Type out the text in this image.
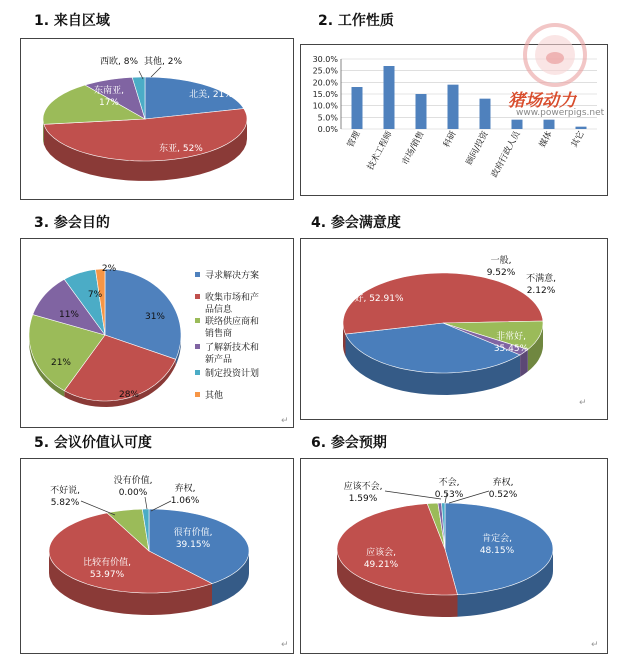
1. 来自区域	2. 工作性质
3. 参会目的	4. 参会满意度
5. 会议价值认可度	6. 参会预期
北美, 21%
东亚, 52%
东南亚,
17%
西欧, 8% 其他, 2%
0.0%
5.0%
10.0%
15.0%
20.0%
25.0%
30.0%
管理 技术工程师 市场/销售 科研 顾问/投资 政府行政人员 媒体 其它
31%
28%
21%
11%
7%
2%
寻求解决方案
收集市场和产
品信息
联络供应商和
销售商
了解新技术和
新产品
制定投资计划
其他
↵
非常好,
35.45%
好, 52.91%
一般,
9.52%
不满意,
2.12%
↵
很有价值,
39.15%
比较有价值,
53.97%
不好说,
5.82%
没有价值,
0.00%	弃权,
1.06%
↵
肯定会,
48.15%
应该会,
49.21%
应该不会,
1.59%
不会,
0.53%
弃权,
0.52%
↵
猪场动力
www.powerpigs.net
